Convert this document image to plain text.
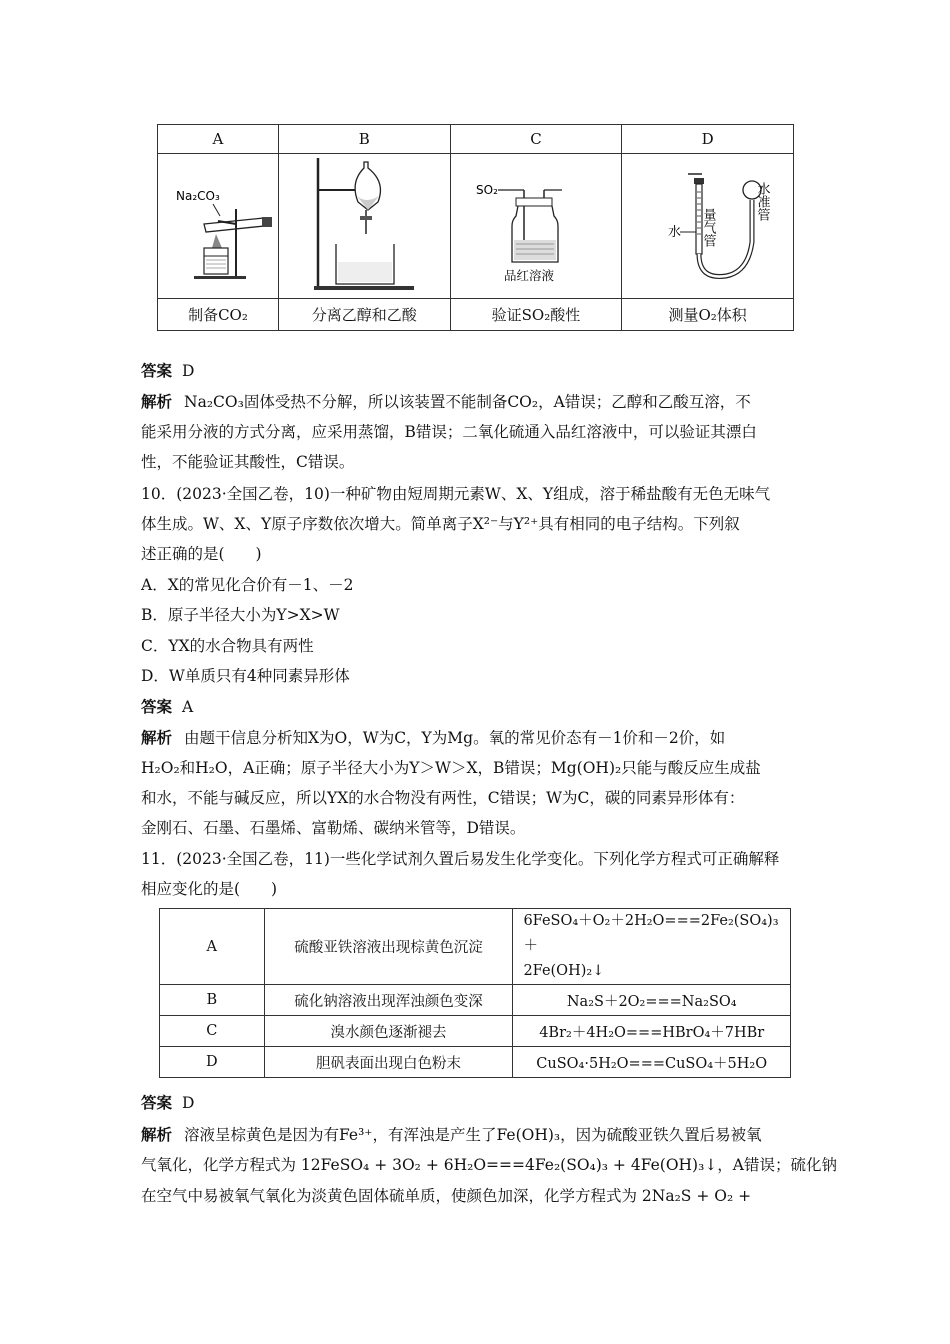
A	B	C	D

Na₂CO₃		SO₂
品红溶液	水 量气管
水准管

制备CO₂	分离乙醇和乙酸	验证SO₂酸性	测量O₂体积
答案 D
解析 Na₂CO₃固体受热不分解，所以该装置不能制备CO₂，A错误；乙醇和乙酸互溶，不
能采用分液的方式分离，应采用蒸馏，B错误；二氧化硫通入品红溶液中，可以验证其漂白
性，不能验证其酸性，C错误。
10．(2023·全国乙卷，10)一种矿物由短周期元素W、X、Y组成，溶于稀盐酸有无色无味气
体生成。W、X、Y原子序数依次增大。简单离子X²⁻与Y²⁺具有相同的电子结构。下列叙
述正确的是(　　)
A．X的常见化合价有－1、－2
B．原子半径大小为Y>X>W
C．YX的水合物具有两性
D．W单质只有4种同素异形体
答案 A
解析 由题干信息分析知X为O，W为C，Y为Mg。氧的常见价态有－1价和－2价，如
H₂O₂和H₂O，A正确；原子半径大小为Y＞W＞X，B错误；Mg(OH)₂只能与酸反应生成盐
和水，不能与碱反应，所以YX的水合物没有两性，C错误；W为C，碳的同素异形体有：
金刚石、石墨、石墨烯、富勒烯、碳纳米管等，D错误。
11．(2023·全国乙卷，11)一些化学试剂久置后易发生化学变化。下列化学方程式可正确解释
相应变化的是(　　)
A	硫酸亚铁溶液出现棕黄色沉淀	6FeSO₄＋O₂＋2H₂O===2Fe₂(SO₄)₃＋
2Fe(OH)₂↓

B	硫化钠溶液出现浑浊颜色变深	Na₂S＋2O₂===Na₂SO₄
C	溴水颜色逐渐褪去	4Br₂＋4H₂O===HBrO₄＋7HBr
D	胆矾表面出现白色粉末	CuSO₄·5H₂O===CuSO₄＋5H₂O
答案 D
解析 溶液呈棕黄色是因为有Fe³⁺，有浑浊是产生了Fe(OH)₃，因为硫酸亚铁久置后易被氧
气氧化，化学方程式为 12FeSO₄ + 3O₂ + 6H₂O===4Fe₂(SO₄)₃ + 4Fe(OH)₃↓，A错误；硫化钠
在空气中易被氧气氧化为淡黄色固体硫单质，使颜色加深，化学方程式为 2Na₂S + O₂ +
